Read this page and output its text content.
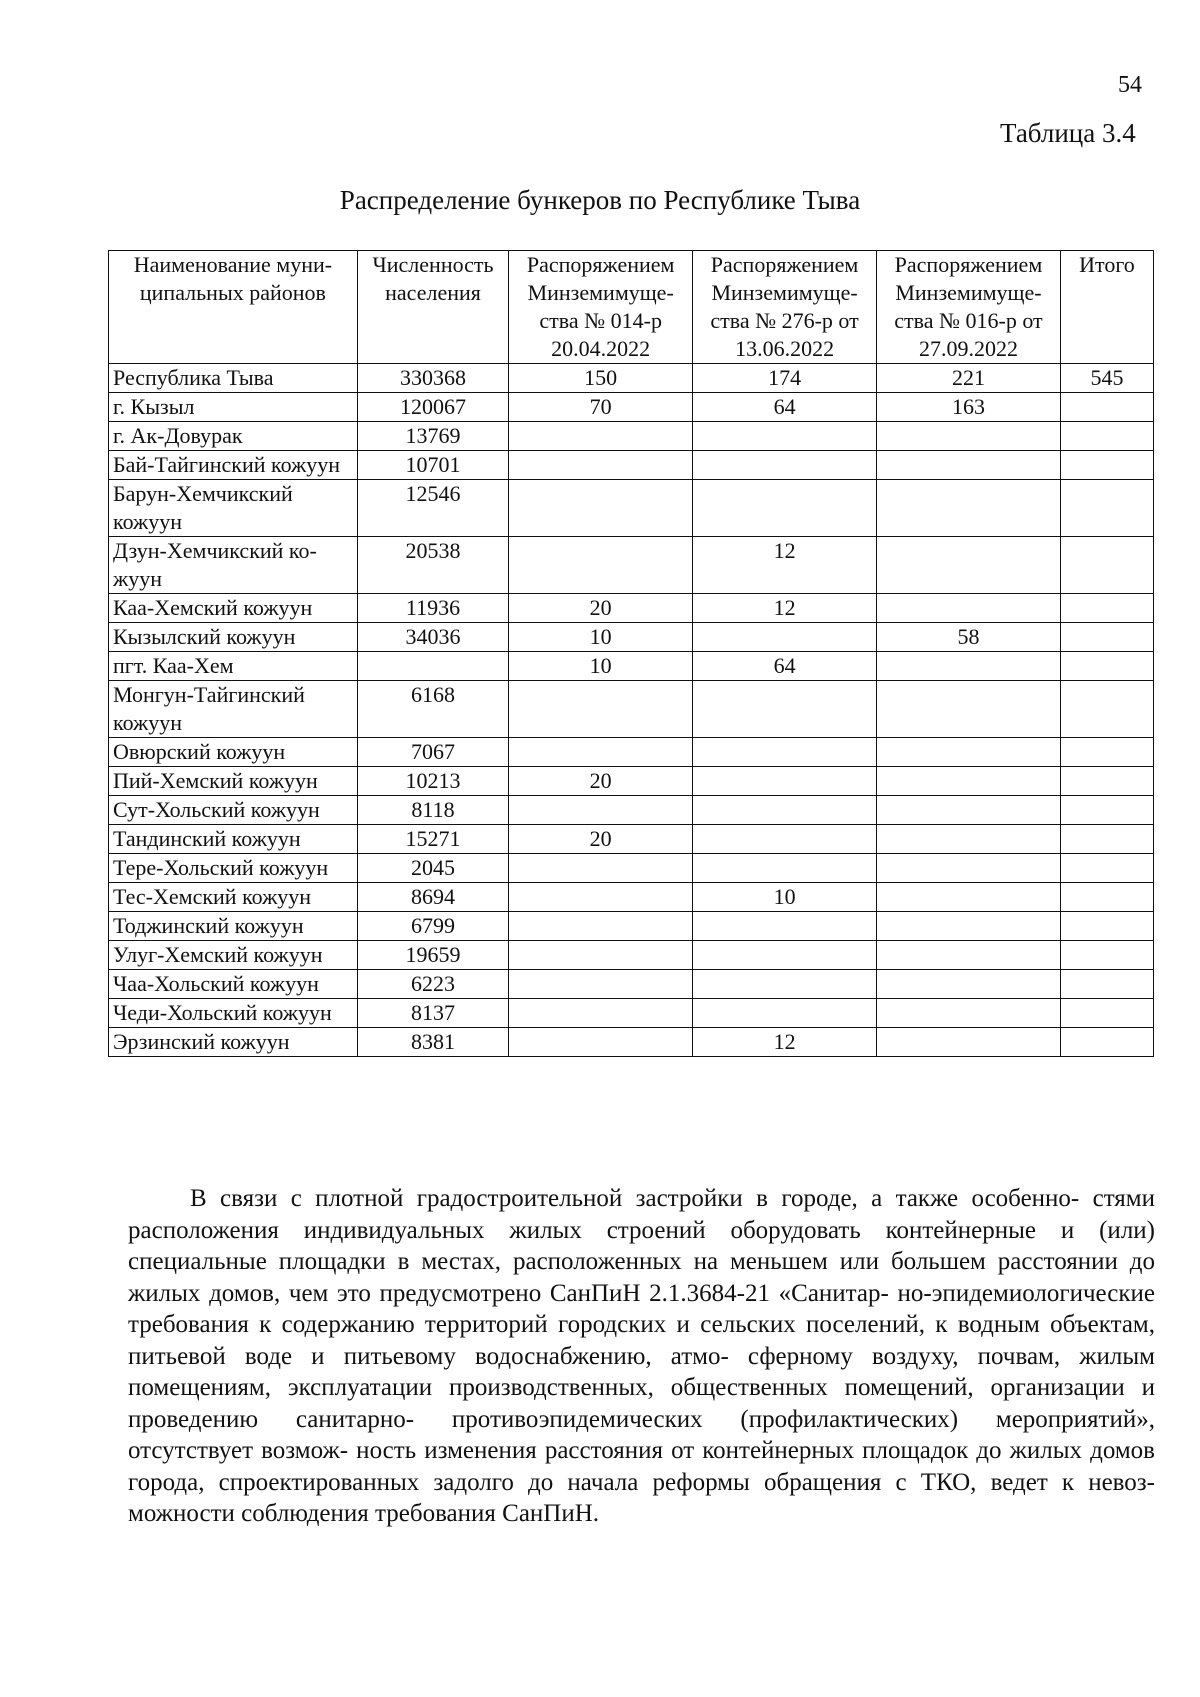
54
Таблица 3.4
Распределение бункеров по Республике Тыва
Наименование муни- ципальных районов	Численность населения	Распоряжением Минземимуще- ства № 014-р 20.04.2022	Распоряжением Минземимуще- ства № 276-р от 13.06.2022	Распоряжением Минземимуще- ства № 016-р от 27.09.2022	Итого
Республика Тыва	330368	150	174	221	545
г. Кызыл	120067	70	64	163	
г. Ак-Довурак	13769				
Бай-Тайгинский кожуун	10701				
Барун-Хемчикский кожуун	12546				
Дзун-Хемчикский ко- жуун	20538		12		
Каа-Хемский кожуун	11936	20	12		
Кызылский кожуун	34036	10		58	
пгт. Каа-Хем		10	64		
Монгун-Тайгинский кожуун	6168				
Овюрский кожуун	7067				
Пий-Хемский кожуун	10213	20			
Сут-Хольский кожуун	8118				
Тандинский кожуун	15271	20			
Тере-Хольский кожуун	2045				
Тес-Хемский кожуун	8694		10		
Тоджинский кожуун	6799				
Улуг-Хемский кожуун	19659				
Чаа-Хольский кожуун	6223				
Чеди-Хольский кожуун	8137				
Эрзинский кожуун	8381		12		
В связи с плотной градостроительной застройки в городе, а также особенно- стями расположения индивидуальных жилых строений оборудовать контейнерные и (или) специальные площадки в местах, расположенных на меньшем или большем расстоянии до жилых домов, чем это предусмотрено СанПиН 2.1.3684-21 «Санитар- но-эпидемиологические требования к содержанию территорий городских и сельских поселений, к водным объектам, питьевой воде и питьевому водоснабжению, атмо- сферному воздуху, почвам, жилым помещениям, эксплуатации производственных, общественных помещений, организации и проведению санитарно- противоэпидемических (профилактических) мероприятий», отсутствует возмож- ность изменения расстояния от контейнерных площадок до жилых домов города, спроектированных задолго до начала реформы обращения с ТКО, ведет к невоз- можности соблюдения требования СанПиН.
